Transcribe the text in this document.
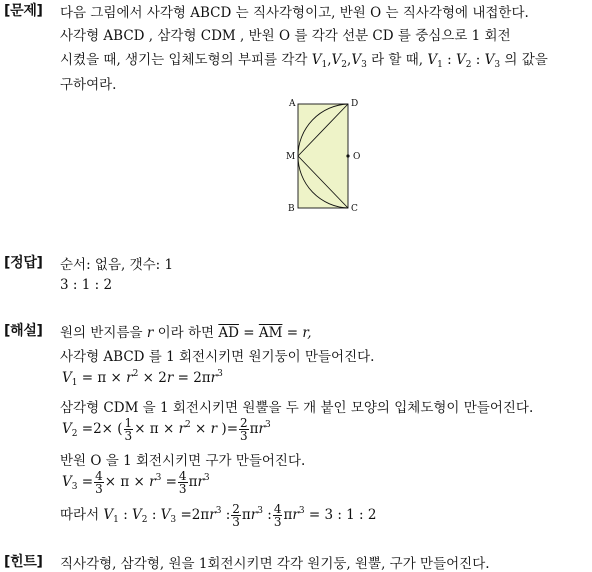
[문제] 다음 그림에서 사각형 ABCD 는 직사각형이고, 반원 O 는 직사각형에 내접한다.
사각형 ABCD , 삼각형 CDM , 반원 O 를 각각 선분 CD 를 중심으로 1 회전
시켰을 때, 생기는 입체도형의 부피를 각각 $V_1,V_2,V_3$ 라 할 때, $V_1$ : $V_2$ : $V_3$ 의 값을
구하여라.
A	D
M	O
B	C
[정답] 순서: 없음, 갯수: 1
3 : 1 : 2
[해설] 원의 반지름을 r 이라 하면 $\overline{AD} = \overline{AM} = r$,
사각형 ABCD 를 1 회전시키면 원기둥이 만들어진다.
$V_1 = \pi \times r^2 \times 2r = 2\pi r^3$
삼각형 CDM 을 1 회전시키면 원뿔을 두 개 붙인 모양의 입체도형이 만들어진다.
$V_2 =2\times$ ( $\frac{1}{3} \times \pi \times r^2 \times r$ )= $\frac{2}{3} \pi r^3$
반원 O 을 1 회전시키면 구가 만들어진다.
$V_3 = \frac{4}{3} \times \pi \times r^3 = \frac{4}{3} \pi r^3$
따라서 $V_1$ : $V_2$ : $V_3 =2\pi r^3$ : $\frac{2}{3} \pi r^3$ : $\frac{4}{3} \pi r^3 = 3$ : 1 : 2
[힌트] 직사각형, 삼각형, 원을 1회전시키면 각각 원기둥, 원뿔, 구가 만들어진다.
